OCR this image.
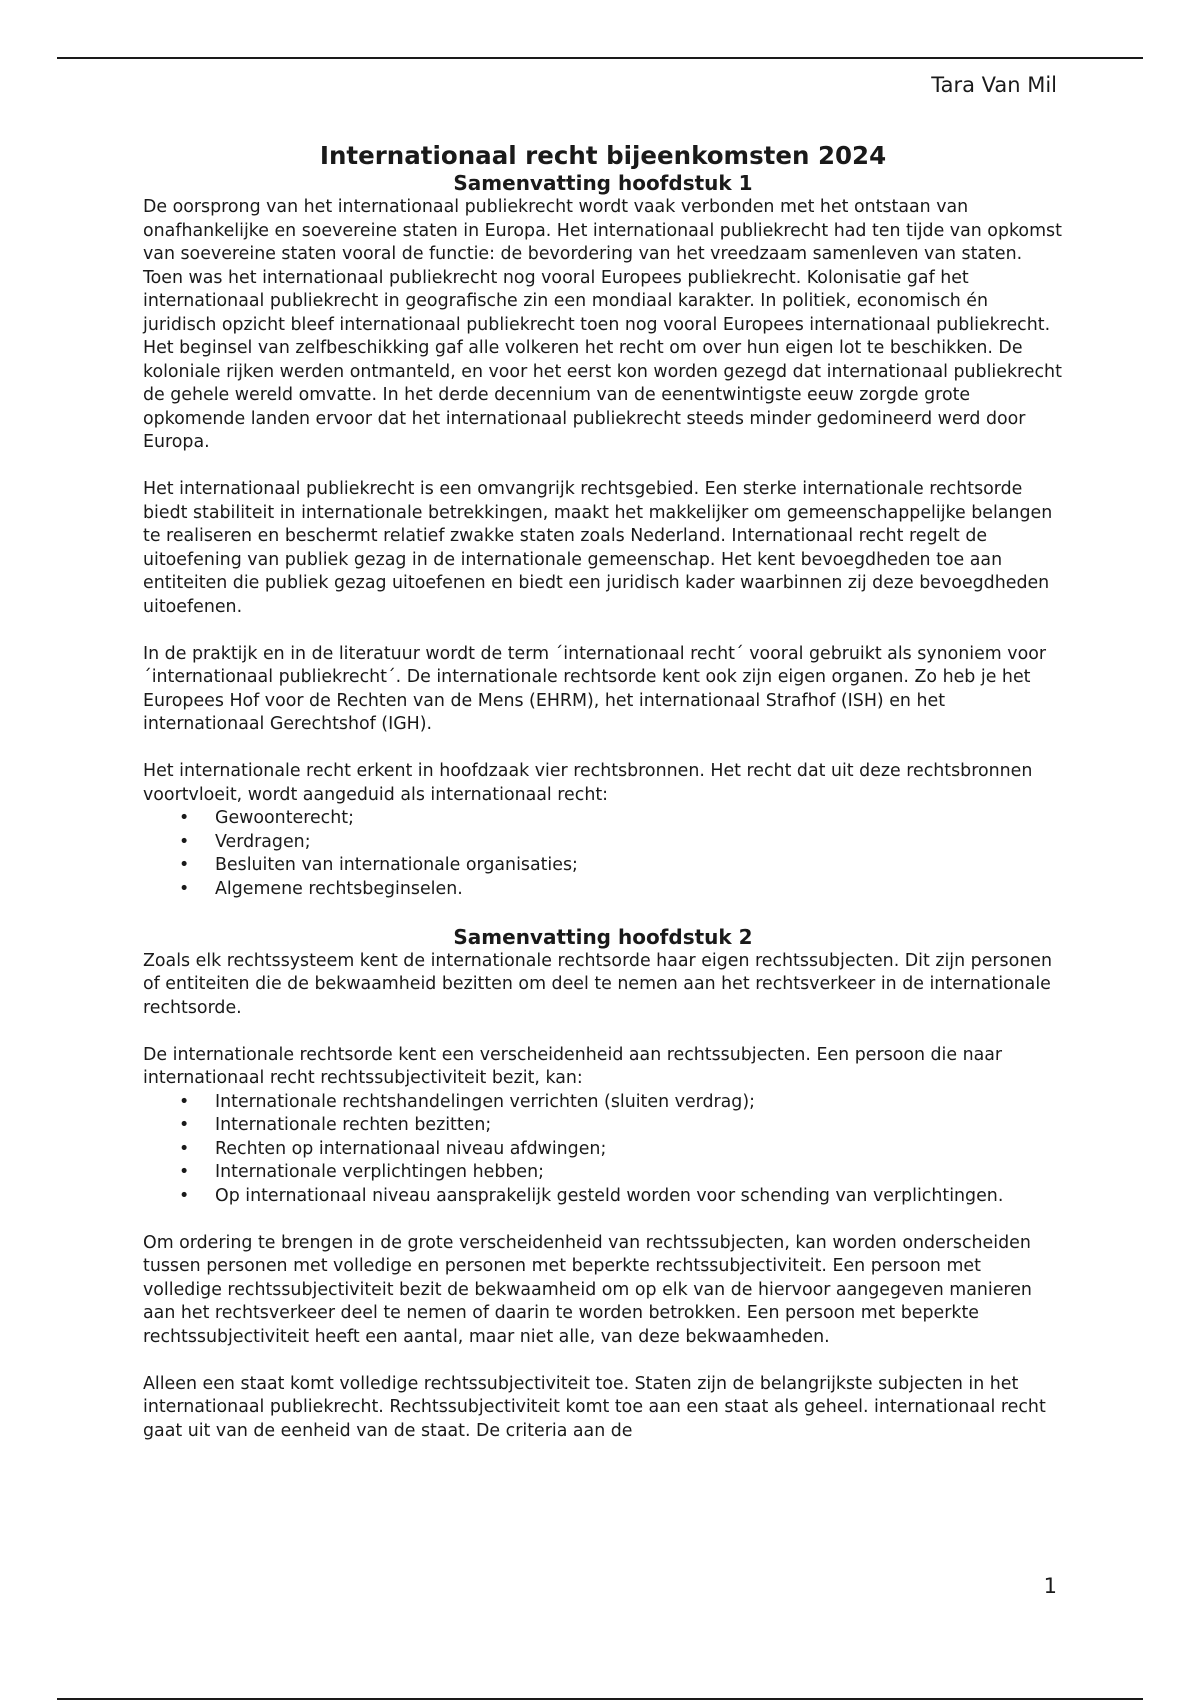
Tara Van Mil
Internationaal recht bijeenkomsten 2024
Samenvatting hoofdstuk 1

De oorsprong van het internationaal publiekrecht wordt vaak verbonden met het ontstaan van onafhankelijke en soevereine staten in Europa. Het internationaal publiekrecht had ten tijde van opkomst van soevereine staten vooral de functie: de bevordering van het vreedzaam samenleven van staten. Toen was het internationaal publiekrecht nog vooral Europees publiekrecht. Kolonisatie gaf het internationaal publiekrecht in geografische zin een mondiaal karakter. In politiek, economisch én juridisch opzicht bleef internationaal publiekrecht toen nog vooral Europees internationaal publiekrecht. Het beginsel van zelfbeschikking gaf alle volkeren het recht om over hun eigen lot te beschikken. De koloniale rijken werden ontmanteld, en voor het eerst kon worden gezegd dat internationaal publiekrecht de gehele wereld omvatte. In het derde decennium van de eenentwintigste eeuw zorgde grote opkomende landen ervoor dat het internationaal publiekrecht steeds minder gedomineerd werd door Europa.

Het internationaal publiekrecht is een omvangrijk rechtsgebied. Een sterke internationale rechtsorde biedt stabiliteit in internationale betrekkingen, maakt het makkelijker om gemeenschappelijke belangen te realiseren en beschermt relatief zwakke staten zoals Nederland. Internationaal recht regelt de uitoefening van publiek gezag in de internationale gemeenschap. Het kent bevoegdheden toe aan entiteiten die publiek gezag uitoefenen en biedt een juridisch kader waarbinnen zij deze bevoegdheden uitoefenen.

In de praktijk en in de literatuur wordt de term ´internationaal recht´ vooral gebruikt als synoniem voor ´internationaal publiekrecht´. De internationale rechtsorde kent ook zijn eigen organen. Zo heb je het Europees Hof voor de Rechten van de Mens (EHRM), het internationaal Strafhof (ISH) en het internationaal Gerechtshof (IGH).

Het internationale recht erkent in hoofdzaak vier rechtsbronnen. Het recht dat uit deze rechtsbronnen voortvloeit, wordt aangeduid als internationaal recht:

• Gewoonterecht;
• Verdragen;
• Besluiten van internationale organisaties;
• Algemene rechtsbeginselen.
Samenvatting hoofdstuk 2

Zoals elk rechtssysteem kent de internationale rechtsorde haar eigen rechtssubjecten. Dit zijn personen of entiteiten die de bekwaamheid bezitten om deel te nemen aan het rechtsverkeer in de internationale rechtsorde.

De internationale rechtsorde kent een verscheidenheid aan rechtssubjecten. Een persoon die naar internationaal recht rechtssubjectiviteit bezit, kan:

• Internationale rechtshandelingen verrichten (sluiten verdrag);
• Internationale rechten bezitten;
• Rechten op internationaal niveau afdwingen;
• Internationale verplichtingen hebben;
• Op internationaal niveau aansprakelijk gesteld worden voor schending van verplichtingen.

Om ordering te brengen in de grote verscheidenheid van rechtssubjecten, kan worden onderscheiden tussen personen met volledige en personen met beperkte rechtssubjectiviteit. Een persoon met volledige rechtssubjectiviteit bezit de bekwaamheid om op elk van de hiervoor aangegeven manieren aan het rechtsverkeer deel te nemen of daarin te worden betrokken. Een persoon met beperkte rechtssubjectiviteit heeft een aantal, maar niet alle, van deze bekwaamheden.

Alleen een staat komt volledige rechtssubjectiviteit toe. Staten zijn de belangrijkste subjecten in het internationaal publiekrecht. Rechtssubjectiviteit komt toe aan een staat als geheel. internationaal recht gaat uit van de eenheid van de staat. De criteria aan de

1
